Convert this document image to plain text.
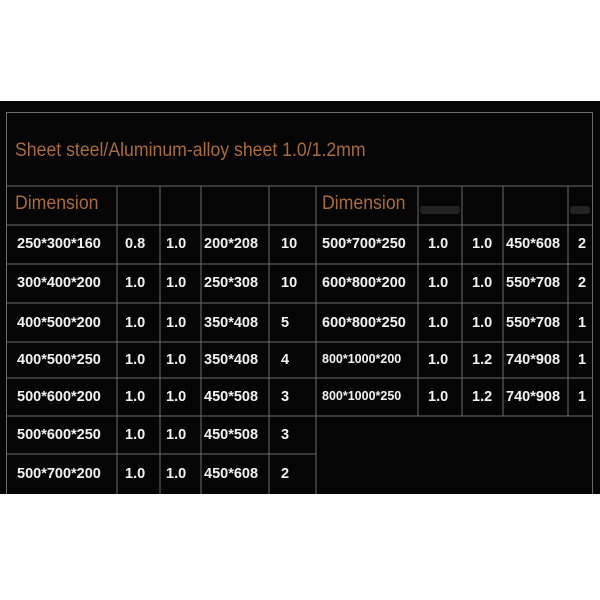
Sheet steel/Aluminum-alloy sheet 1.0/1.2mm
Dimension	Dimension
250*300*160 0.8 1.0 200*208 10
300*400*200 1.0 1.0 250*308 10
400*500*200 1.0 1.0 350*408 5
400*500*250 1.0 1.0 350*408 4
500*600*200 1.0 1.0 450*508 3
500*600*250 1.0 1.0 450*508 3
500*700*200 1.0 1.0 450*608 2
500*700*250 1.0 1.0 450*608 2
600*800*200 1.0 1.0 550*708 2
600*800*250 1.0 1.0 550*708 1
800*1000*200 1.0 1.2 740*908 1
800*1000*250 1.0 1.2 740*908 1
